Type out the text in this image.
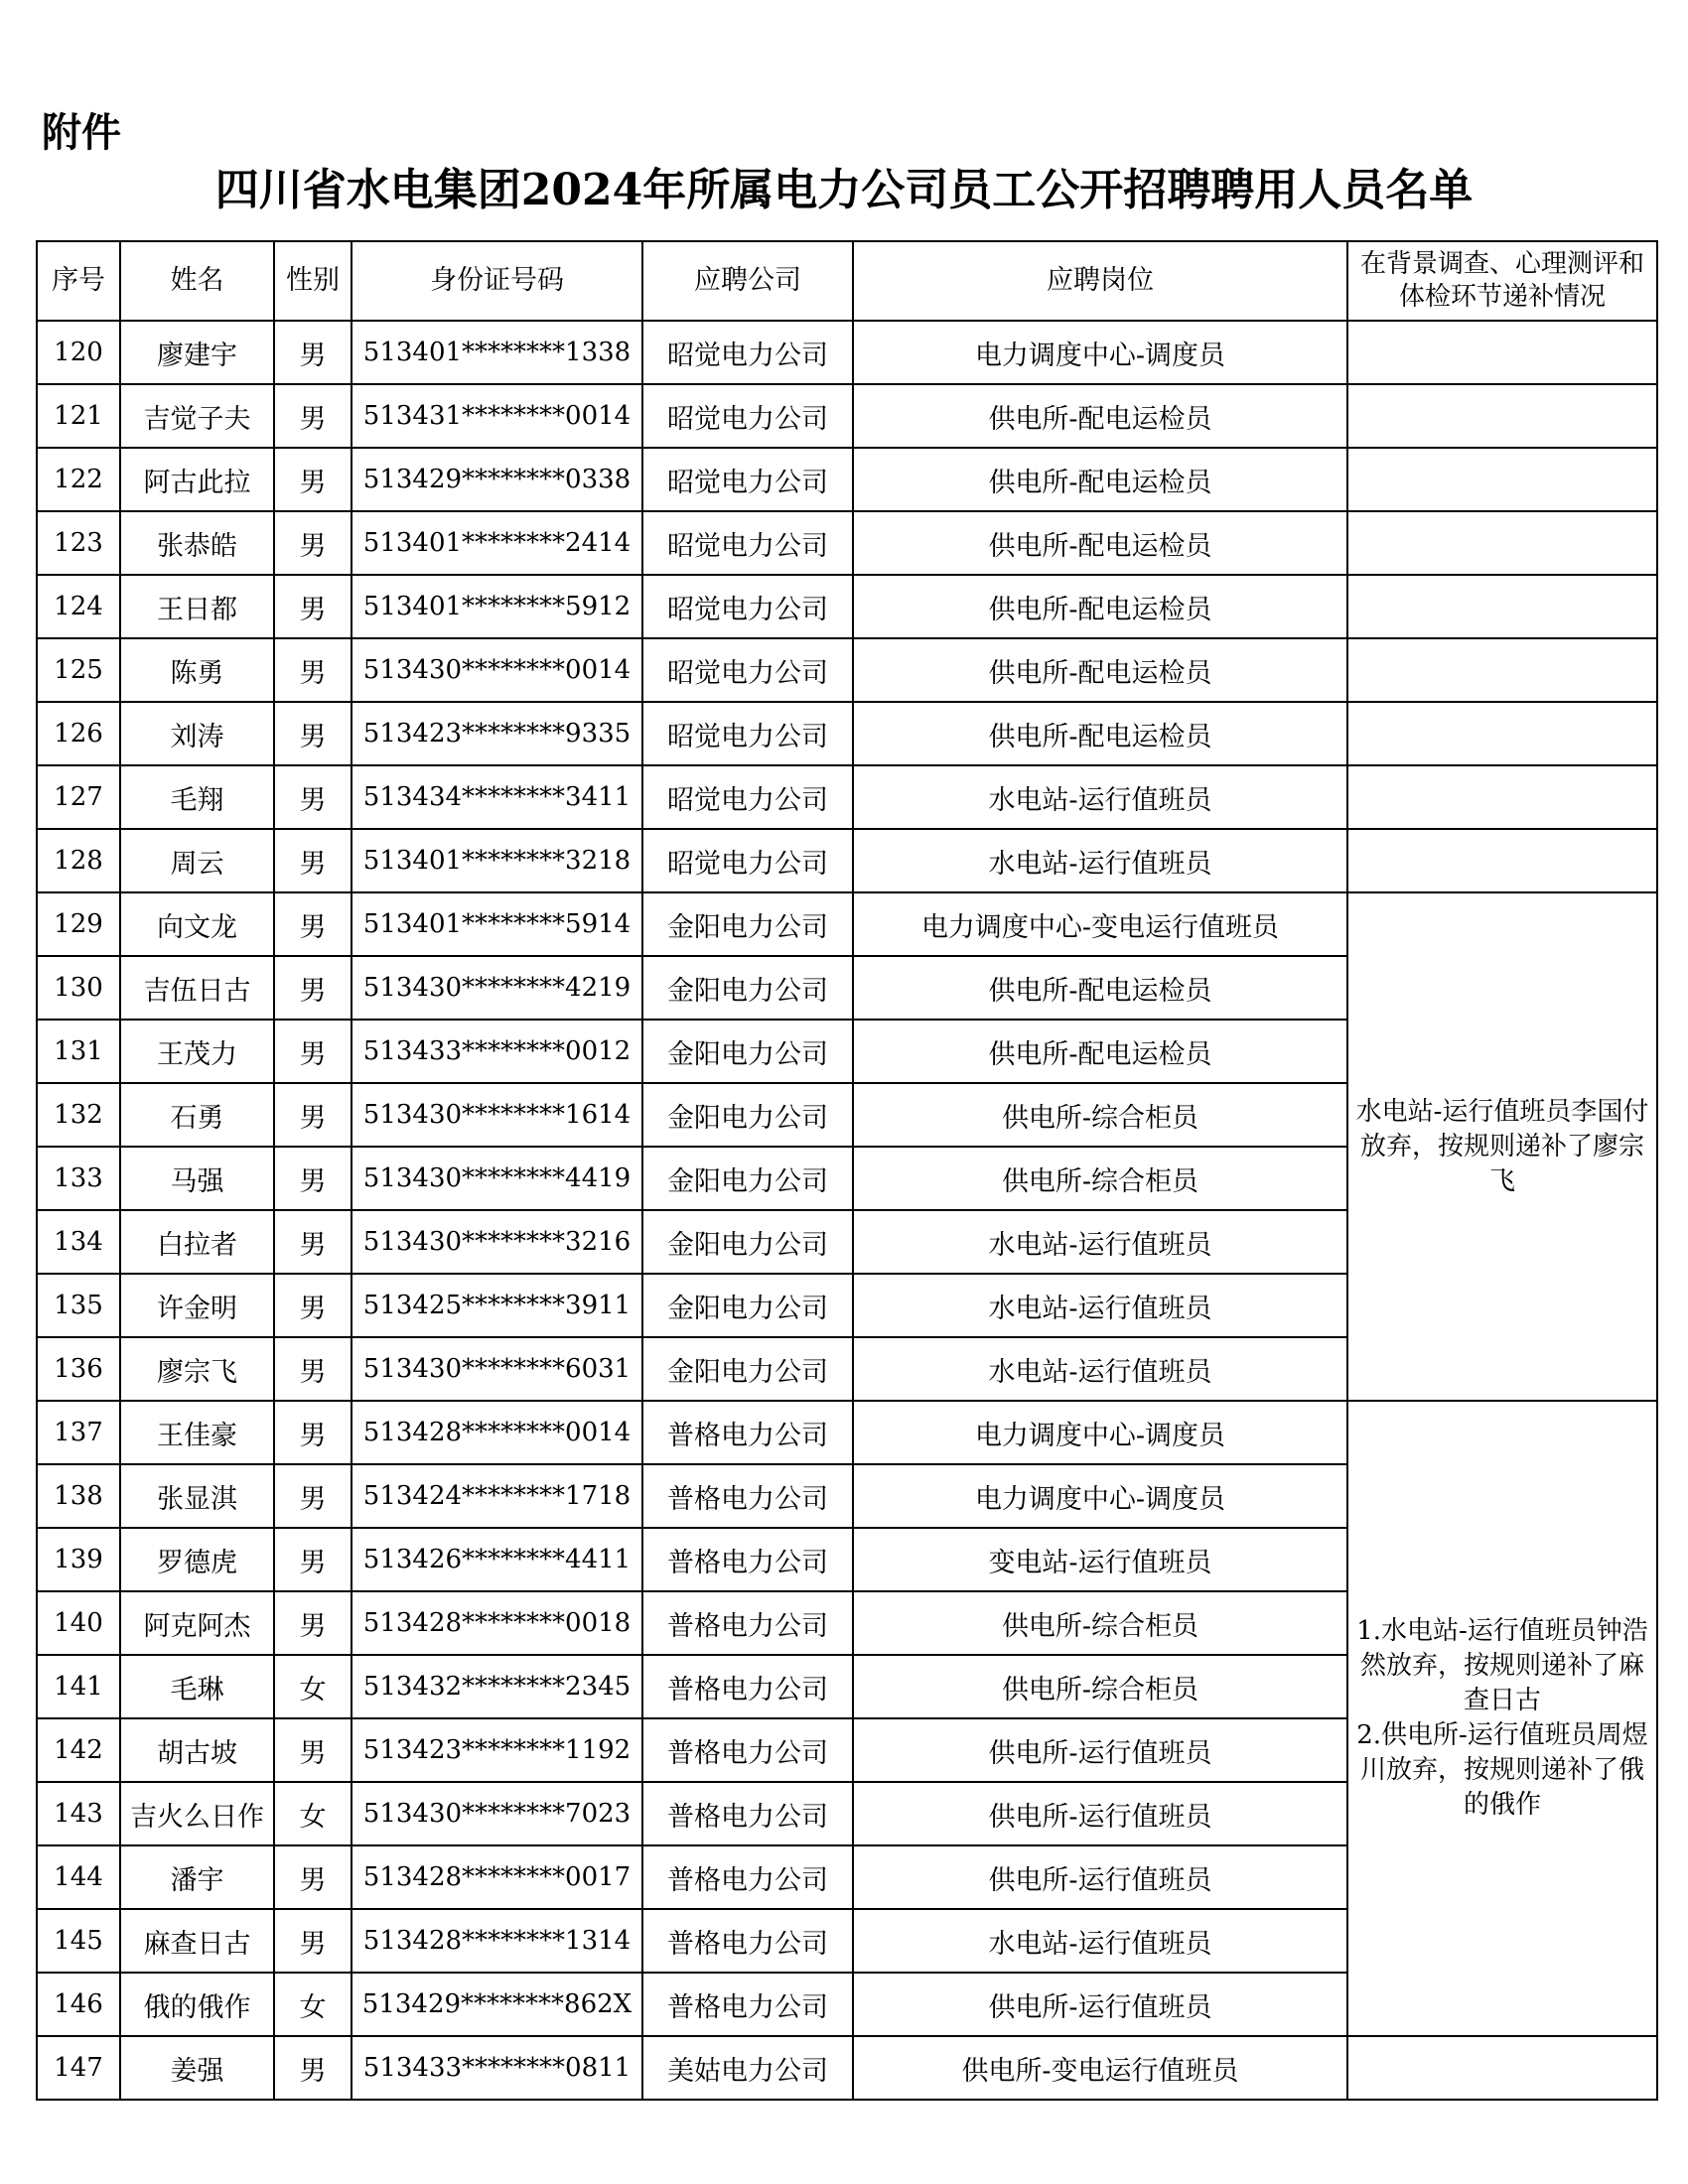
附件
四川省水电集团2024年所属电力公司员工公开招聘聘用人员名单
序号	姓名	性别	身份证号码	应聘公司	应聘岗位	在背景调查、心理测评和体检环节递补情况
120	廖建宇	男	513401********1338	昭觉电力公司	电力调度中心-调度员	
121	吉觉子夫	男	513431********0014	昭觉电力公司	供电所-配电运检员	
122	阿古此拉	男	513429********0338	昭觉电力公司	供电所-配电运检员	
123	张恭皓	男	513401********2414	昭觉电力公司	供电所-配电运检员	
124	王日都	男	513401********5912	昭觉电力公司	供电所-配电运检员	
125	陈勇	男	513430********0014	昭觉电力公司	供电所-配电运检员	
126	刘涛	男	513423********9335	昭觉电力公司	供电所-配电运检员	
127	毛翔	男	513434********3411	昭觉电力公司	水电站-运行值班员	
128	周云	男	513401********3218	昭觉电力公司	水电站-运行值班员	
129	向文龙	男	513401********5914	金阳电力公司	电力调度中心-变电运行值班员	水电站-运行值班员李国付放弃，按规则递补了廖宗飞
130	吉伍日古	男	513430********4219	金阳电力公司	供电所-配电运检员	
131	王茂力	男	513433********0012	金阳电力公司	供电所-配电运检员	
132	石勇	男	513430********1614	金阳电力公司	供电所-综合柜员	
133	马强	男	513430********4419	金阳电力公司	供电所-综合柜员	
134	白拉者	男	513430********3216	金阳电力公司	水电站-运行值班员	
135	许金明	男	513425********3911	金阳电力公司	水电站-运行值班员	
136	廖宗飞	男	513430********6031	金阳电力公司	水电站-运行值班员	
137	王佳豪	男	513428********0014	普格电力公司	电力调度中心-调度员	1.水电站-运行值班员钟浩然放弃，按规则递补了麻查日古
2.供电所-运行值班员周煜川放弃，按规则递补了俄的俄作
138	张显淇	男	513424********1718	普格电力公司	电力调度中心-调度员	
139	罗德虎	男	513426********4411	普格电力公司	变电站-运行值班员	
140	阿克阿杰	男	513428********0018	普格电力公司	供电所-综合柜员	
141	毛琳	女	513432********2345	普格电力公司	供电所-综合柜员	
142	胡古坡	男	513423********1192	普格电力公司	供电所-运行值班员	
143	吉火么日作	女	513430********7023	普格电力公司	供电所-运行值班员	
144	潘宇	男	513428********0017	普格电力公司	供电所-运行值班员	
145	麻查日古	男	513428********1314	普格电力公司	水电站-运行值班员	
146	俄的俄作	女	513429********862X	普格电力公司	供电所-运行值班员	
147	姜强	男	513433********0811	美姑电力公司	供电所-变电运行值班员	
